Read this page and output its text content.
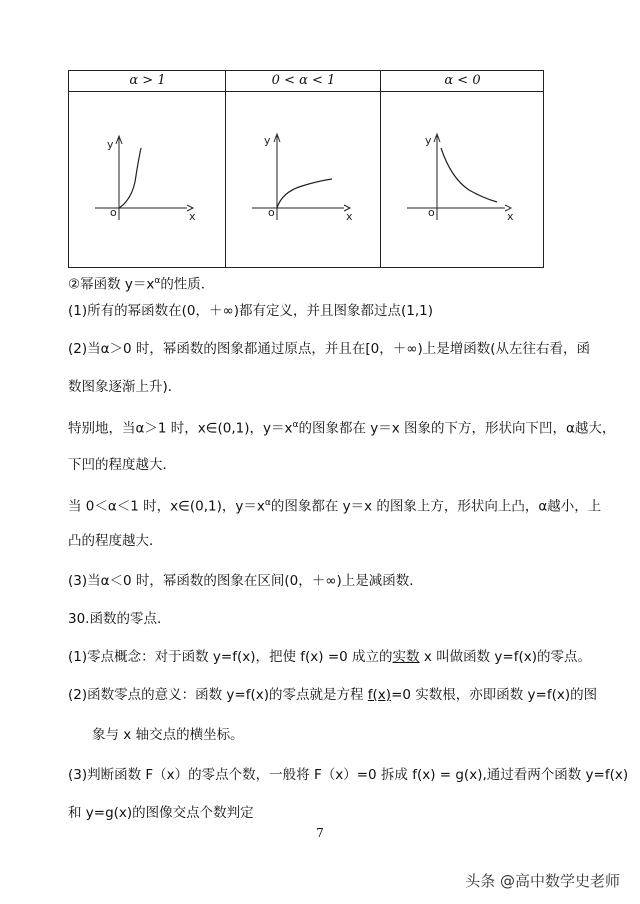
α > 1	0 < α < 1	α < 0
y
x
o
y
x
o
y
x
o
②幂函数 $y=x^\alpha$的性质．
(1)所有的幂函数在(0，＋∞)都有定义，并且图象都过点(1,1)
(2)当α＞0 时，幂函数的图象都通过原点，并且在[0，＋∞)上是增函数(从左往右看，函
数图象逐渐上升)．
特别地，当α＞1 时，x∈(0,1)，$y=x^\alpha$的图象都在 y＝x 图象的下方，形状向下凹，α越大，
下凹的程度越大．
当 0＜α＜1 时，x∈(0,1)，$y=x^\alpha$的图象都在 y＝x 的图象上方，形状向上凸，α越小，上
凸的程度越大．
(3)当α＜0 时，幂函数的图象在区间(0，＋∞)上是减函数．
30.函数的零点.
(1)零点概念：对于函数 y=f(x)，把使 f(x) =0 成立的实数 x 叫做函数 y=f(x)的零点。
(2)函数零点的意义：函数 y=f(x)的零点就是方程 f(x)=0 实数根，亦即函数 y=f(x)的图
象与 x 轴交点的横坐标。
(3)判断函数 F（x）的零点个数，一般将 F（x）=0 拆成 f(x) = g(x),通过看两个函数 y=f(x)
和 y=g(x)的图像交点个数判定
7
头条 @高中数学史老师
